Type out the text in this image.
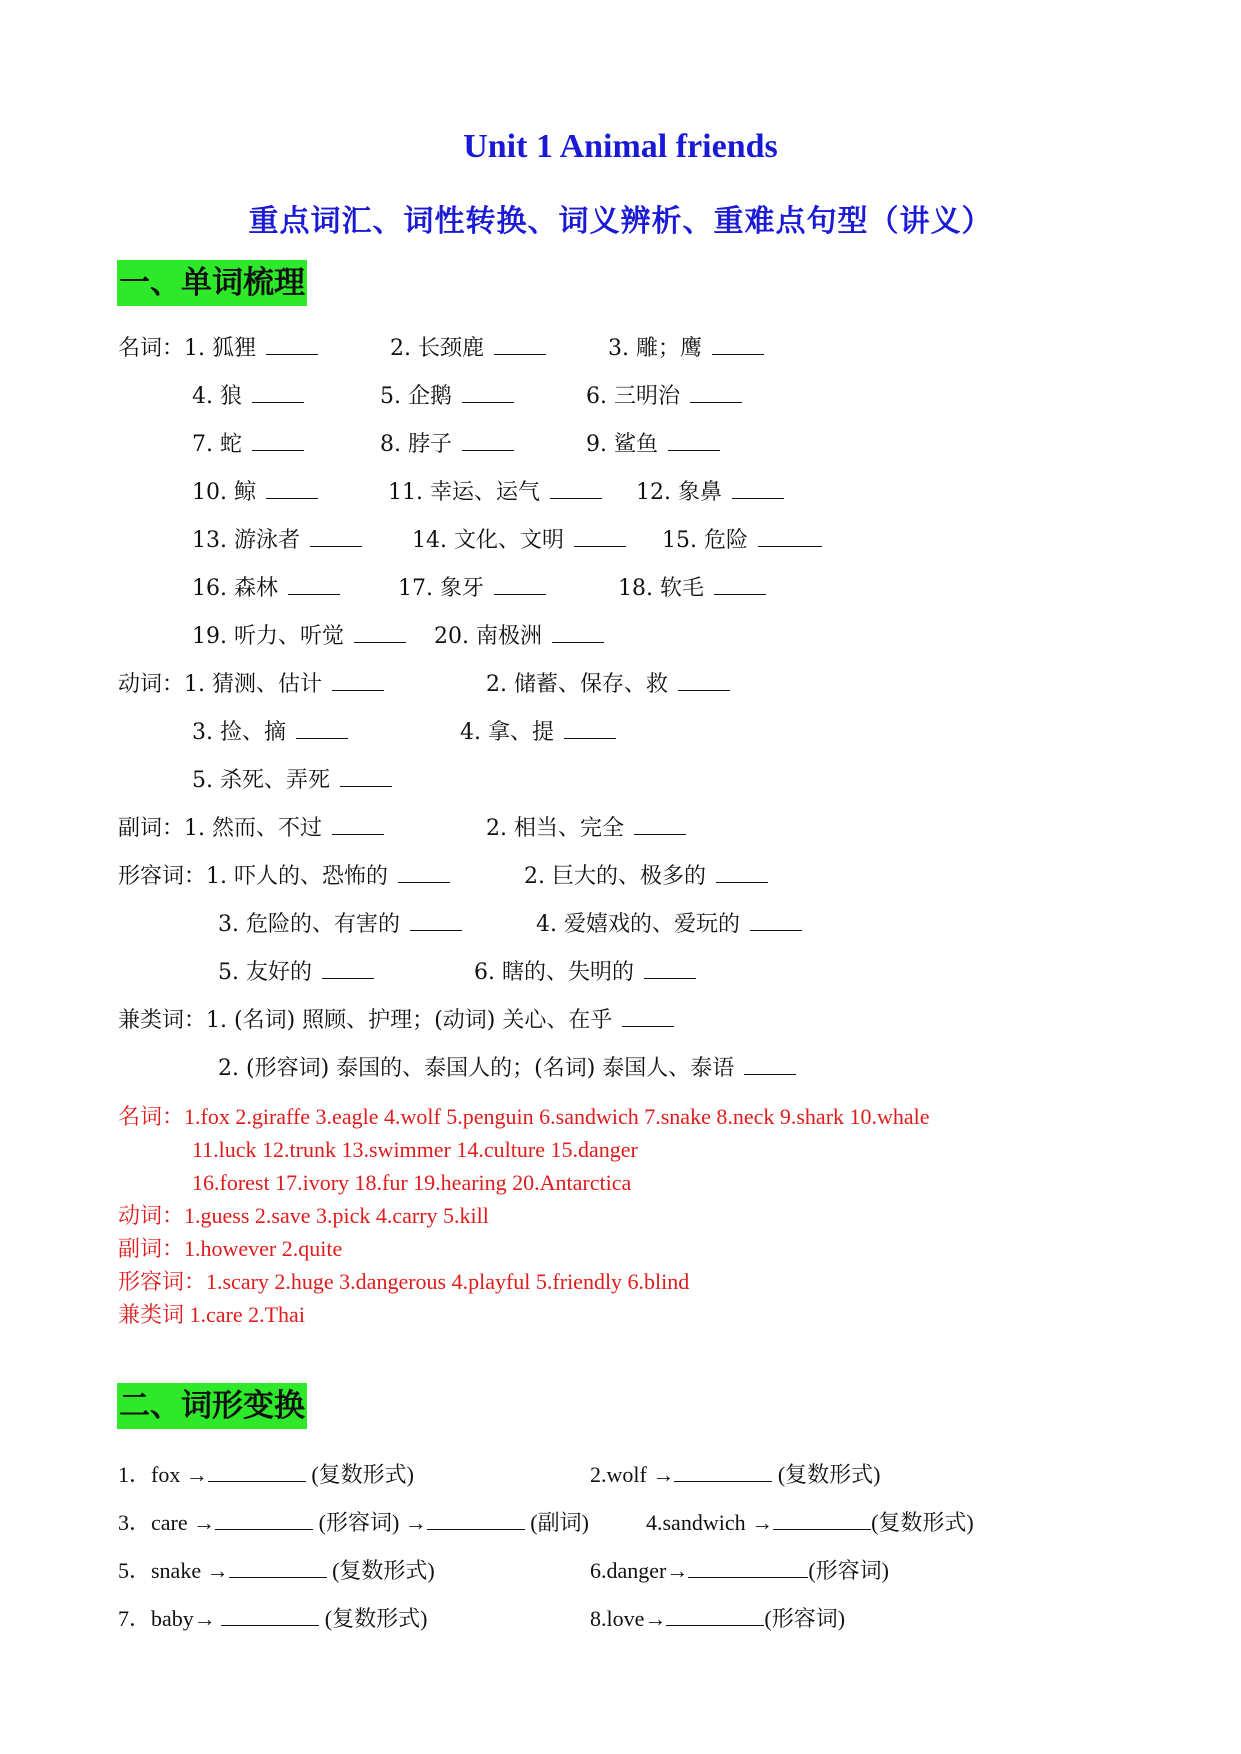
Unit 1 Animal friends
重点词汇、词性转换、词义辨析、重难点句型（讲义）
一、单词梳理
名词：1. 狐狸	2. 长颈鹿	3. 雕；鹰
4. 狼	5. 企鹅	6. 三明治
7. 蛇	8. 脖子	9. 鲨鱼
10. 鲸	11. 幸运、运气	12. 象鼻
13. 游泳者	14. 文化、文明	15. 危险
16. 森林	17. 象牙	18. 软毛
19. 听力、听觉	20. 南极洲
动词：1. 猜测、估计	2. 储蓄、保存、救
3. 捡、摘	4. 拿、提
5. 杀死、弄死
副词：1. 然而、不过	2. 相当、完全
形容词：1. 吓人的、恐怖的	2. 巨大的、极多的
3. 危险的、有害的	4. 爱嬉戏的、爱玩的
5. 友好的	6. 瞎的、失明的
兼类词：1. (名词) 照顾、护理；(动词) 关心、在乎
2. (形容词) 泰国的、泰国人的；(名词) 泰国人、泰语
名词：1.fox 2.giraffe 3.eagle 4.wolf 5.penguin 6.sandwich 7.snake 8.neck 9.shark 10.whale
11.luck 12.trunk 13.swimmer 14.culture 15.danger
16.forest 17.ivory 18.fur 19.hearing 20.Antarctica
动词：1.guess 2.save 3.pick 4.carry 5.kill
副词：1.however 2.quite
形容词：1.scary 2.huge 3.dangerous 4.playful 5.friendly 6.blind
兼类词 1.care 2.Thai
二、词形变换
1．fox →	(复数形式)	2.wolf →	(复数形式)
3．care →	(形容词) →	(副词)	4.sandwich →	(复数形式)
5．snake →	(复数形式)	6.danger→	(形容词)
7．baby→	(复数形式)	8.love→	(形容词)
